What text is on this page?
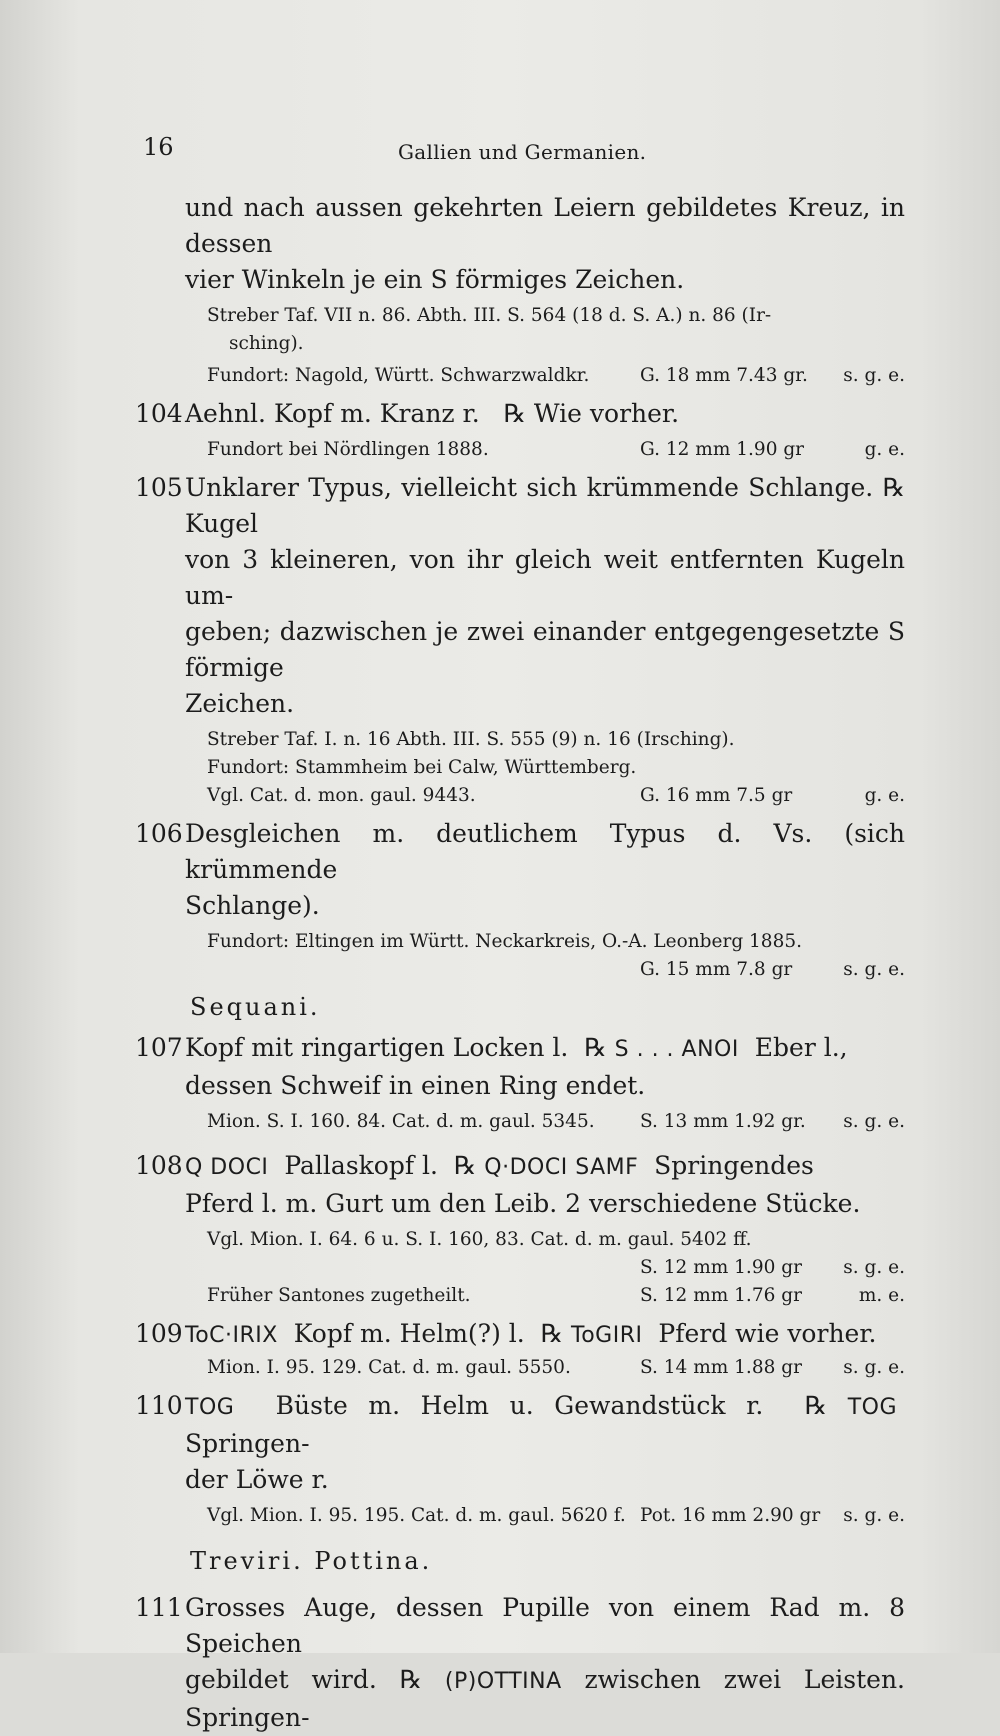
16	Gallien und Germanien.

und nach aussen gekehrten Leiern gebildetes Kreuz, in dessen

vier Winkeln je ein S förmiges Zeichen.

Streber Taf. VII n. 86. Abth. III. S. 564 (18 d. S. A.) n. 86 (Ir-

sching).

Fundort: Nagold, Württ. Schwarzwaldkr.	G. 18 mm 7.43 gr.	s. g. e.
104 Aehnl. Kopf m. Kranz r. ℞ Wie vorher.

Fundort bei Nördlingen 1888.	G. 12 mm 1.90 gr	g. e.
105 Unklarer Typus, vielleicht sich krümmende Schlange. ℞ Kugel

von 3 kleineren, von ihr gleich weit entfernten Kugeln um-

geben; dazwischen je zwei einander entgegengesetzte S förmige

Zeichen.

Streber Taf. I. n. 16 Abth. III. S. 555 (9) n. 16 (Irsching).

Fundort: Stammheim bei Calw, Württemberg.

Vgl. Cat. d. mon. gaul. 9443.	G. 16 mm 7.5 gr	g. e.
106 Desgleichen m. deutlichem Typus d. Vs. (sich krümmende

Schlange).

Fundort: Eltingen im Württ. Neckarkreis, O.-A. Leonberg 1885.

G. 15 mm 7.8 gr	s. g. e.
Sequani.
107 Kopf mit ringartigen Locken l. ℞ S . . . ANOI Eber l.,

dessen Schweif in einen Ring endet.

Mion. S. I. 160. 84. Cat. d. m. gaul. 5345.	S. 13 mm 1.92 gr.	s. g. e.
108 Q DOCI Pallaskopf l. ℞ Q·DOCI SAMF Springendes

Pferd l. m. Gurt um den Leib. 2 verschiedene Stücke.

Vgl. Mion. I. 64. 6 u. S. I. 160, 83. Cat. d. m. gaul. 5402 ff.

S. 12 mm 1.90 gr	s. g. e.
Früher Santones zugetheilt.	S. 12 mm 1.76 gr	m. e.
109 ToC·IRIX Kopf m. Helm(?) l. ℞ ToGIRI Pferd wie vorher.

Mion. I. 95. 129. Cat. d. m. gaul. 5550.	S. 14 mm 1.88 gr	s. g. e.
110 TOG Büste m. Helm u. Gewandstück r. ℞ TOG  Springen-

der Löwe r.

Vgl. Mion. I. 95. 195. Cat. d. m. gaul. 5620 f. Pot. 16 mm 2.90 gr	s. g. e.
Treviri. Pottina.
111 Grosses Auge, dessen Pupille von einem Rad m. 8 Speichen

gebildet wird. ℞ (P)OTTINA zwischen zwei Leisten. Springen-
